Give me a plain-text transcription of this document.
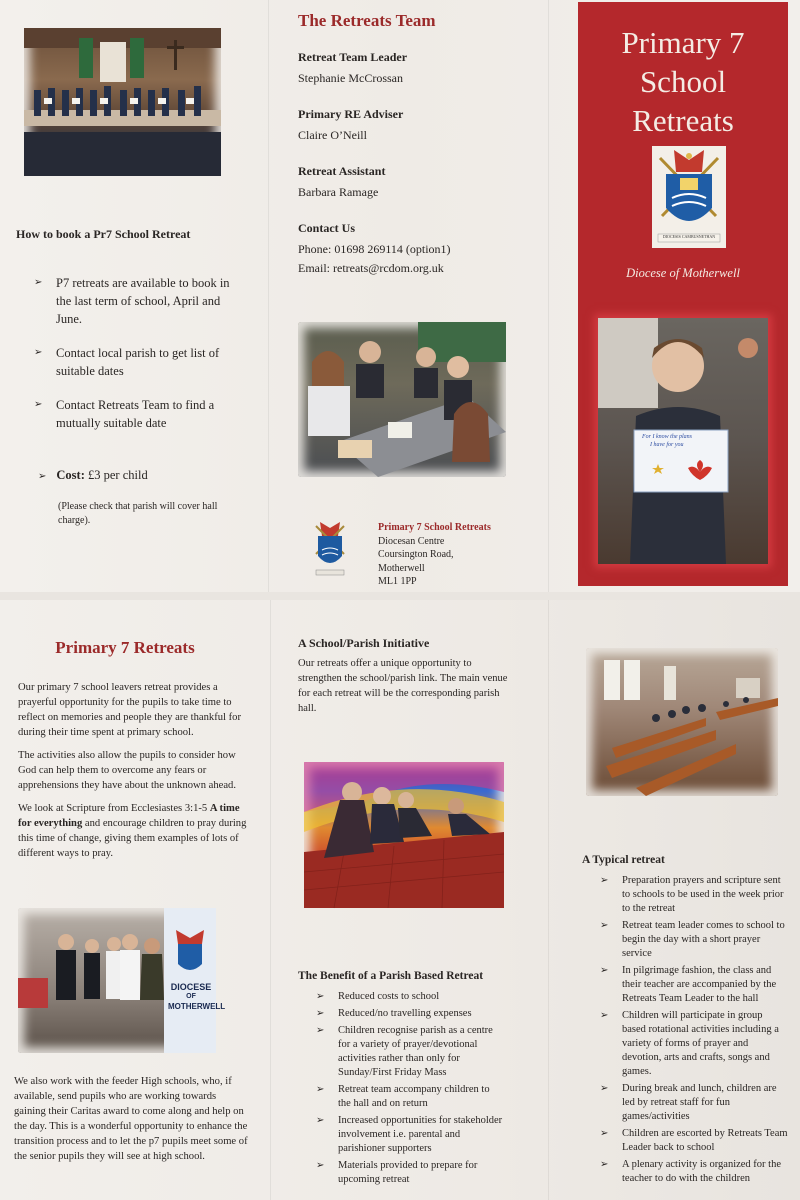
How to book a Pr7 School Retreat
➢ P7 retreats are available to book in the last term of school, April and June.
➢ Contact local parish to get list of suitable dates
➢ Contact Retreats Team to find a mutually suitable date
➢ Cost: £3 per child
(Please check that parish will cover hall charge).
The Retreats Team
Retreat Team Leader
Stephanie McCrossan
Primary RE Adviser
Claire O’Neill
Retreat Assistant
Barbara Ramage
Contact Us
Phone: 01698 269114 (option1)
Email: retreats@rcdom.org.uk
Primary 7 School Retreats
Diocesan Centre
Coursington Road,
Motherwell
ML1 1PP
Primary 7
School
Retreats
DIOCESIS CAMBUSNETHAN
Diocese of Motherwell
For I know the plans
I have for you
Primary 7 Retreats

Our primary 7 school leavers retreat provides a prayerful opportunity for the pupils to take time to reflect on memories and people they are thankful for during their time spent at primary school.

The activities also allow the pupils to consider how God can help them to overcome any fears or apprehensions they have about the unknown ahead.

We look at Scripture from Ecclesiastes 3:1-5 A time for everything and encourage children to pray during this time of change, giving them examples of lots of different ways to pray.

DIOCESE
OF
MOTHERWELL

We also work with the feeder High schools, who, if available, send pupils who are working towards gaining their Caritas award to come along and help on the day. This is a wonderful opportunity to enhance the transition process and to let the p7 pupils meet some of the senior pupils they will see at high school.

A School/Parish Initiative

Our retreats offer a unique opportunity to strengthen the school/parish link. The main venue for each retreat will be the corresponding parish hall.

The Benefit of a Parish Based Retreat
➢ Reduced costs to school
➢ Reduced/no travelling expenses
➢ Children recognise parish as a centre for a variety of prayer/devotional activities rather than only for Sunday/First Friday Mass
➢ Retreat team accompany children to the hall and on return
➢ Increased opportunities for stakeholder involvement i.e. parental and parishioner supporters
➢ Materials provided to prepare for upcoming retreat
A Typical retreat
➢ Preparation prayers and scripture sent to schools to be used in the week prior to the retreat
➢ Retreat team leader comes to school to begin the day with a short prayer service
➢ In pilgrimage fashion, the class and their teacher are accompanied by the Retreats Team Leader to the hall
➢ Children will participate in group based rotational activities including a variety of forms of prayer and devotion, arts and crafts, songs and games.
➢ During break and lunch, children are led by retreat staff for fun games/activities
➢ Children are escorted by Retreats Team Leader back to school
➢ A plenary activity is organized for the teacher to do with the children
